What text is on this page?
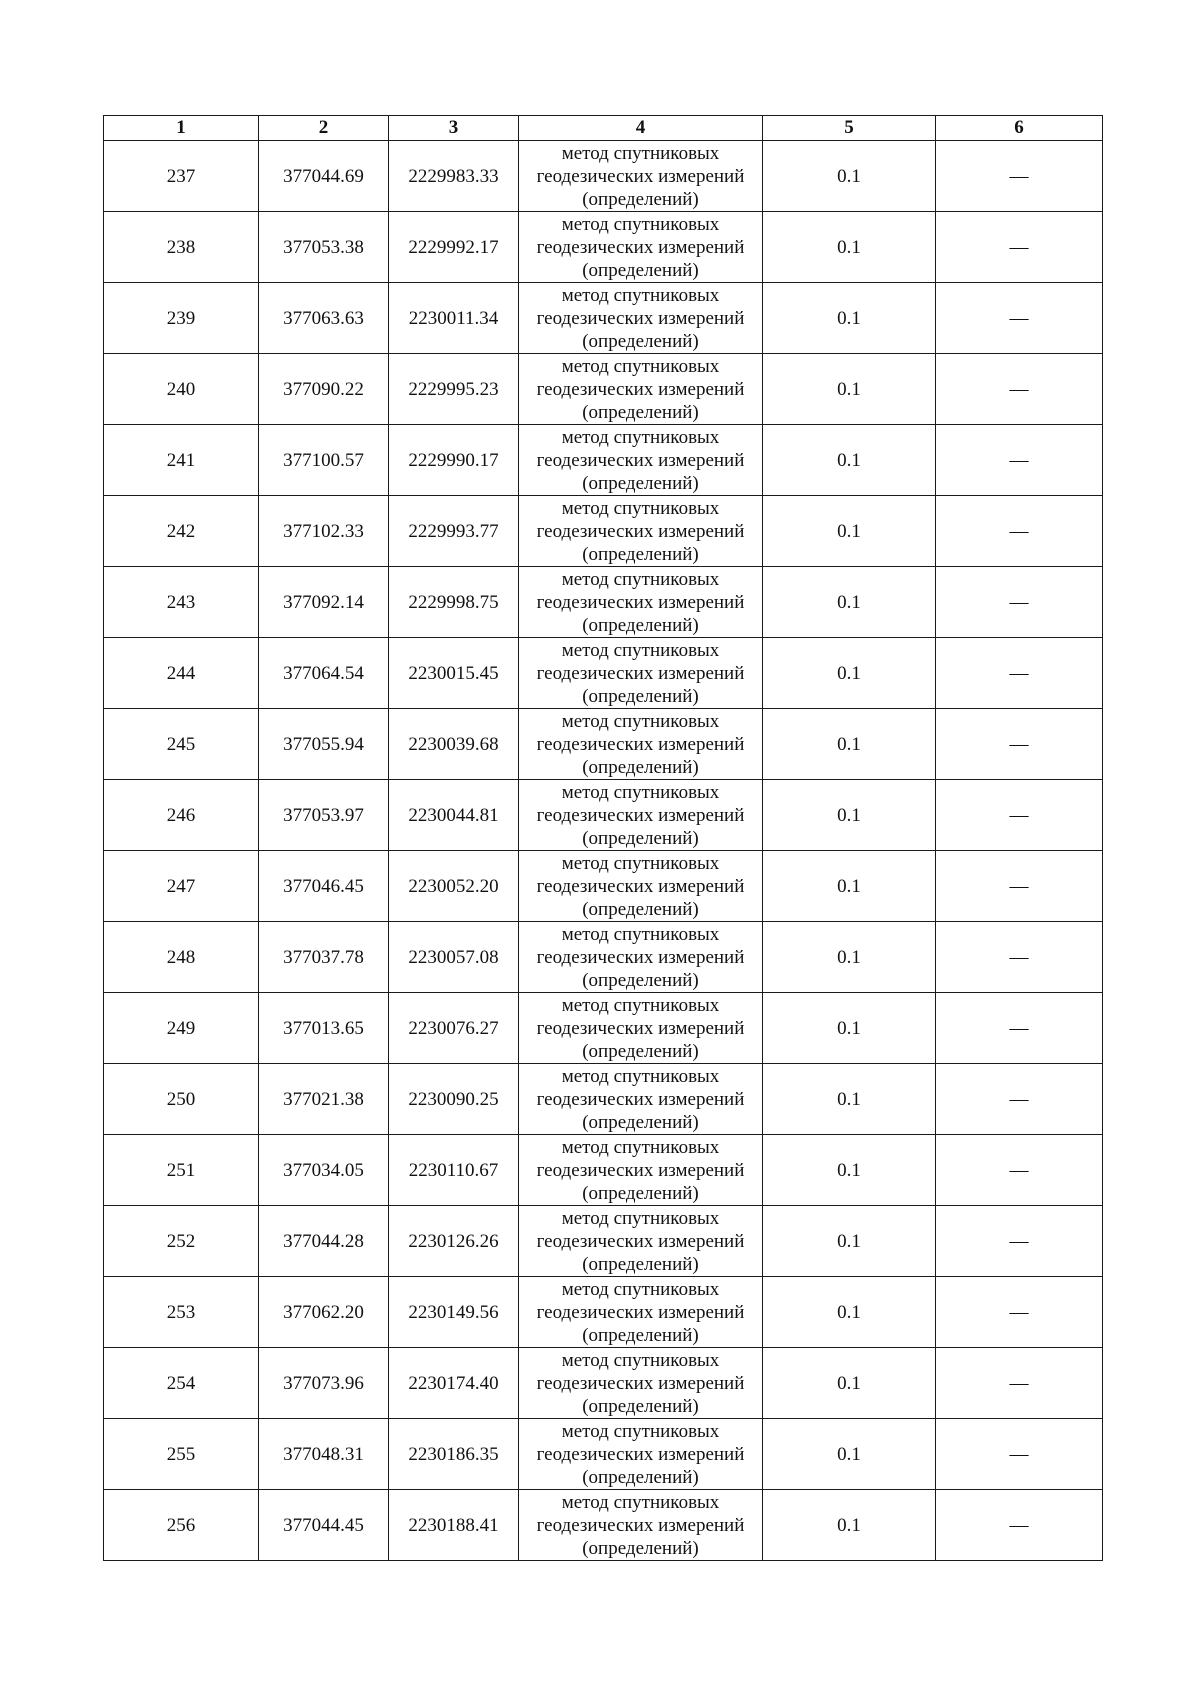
1	2	3	4	5	6
237	377044.69	2229983.33	метод спутниковых
геодезических измерений
(определений)	0.1	—
238	377053.38	2229992.17	метод спутниковых
геодезических измерений
(определений)	0.1	—
239	377063.63	2230011.34	метод спутниковых
геодезических измерений
(определений)	0.1	—
240	377090.22	2229995.23	метод спутниковых
геодезических измерений
(определений)	0.1	—
241	377100.57	2229990.17	метод спутниковых
геодезических измерений
(определений)	0.1	—
242	377102.33	2229993.77	метод спутниковых
геодезических измерений
(определений)	0.1	—
243	377092.14	2229998.75	метод спутниковых
геодезических измерений
(определений)	0.1	—
244	377064.54	2230015.45	метод спутниковых
геодезических измерений
(определений)	0.1	—
245	377055.94	2230039.68	метод спутниковых
геодезических измерений
(определений)	0.1	—
246	377053.97	2230044.81	метод спутниковых
геодезических измерений
(определений)	0.1	—
247	377046.45	2230052.20	метод спутниковых
геодезических измерений
(определений)	0.1	—
248	377037.78	2230057.08	метод спутниковых
геодезических измерений
(определений)	0.1	—
249	377013.65	2230076.27	метод спутниковых
геодезических измерений
(определений)	0.1	—
250	377021.38	2230090.25	метод спутниковых
геодезических измерений
(определений)	0.1	—
251	377034.05	2230110.67	метод спутниковых
геодезических измерений
(определений)	0.1	—
252	377044.28	2230126.26	метод спутниковых
геодезических измерений
(определений)	0.1	—
253	377062.20	2230149.56	метод спутниковых
геодезических измерений
(определений)	0.1	—
254	377073.96	2230174.40	метод спутниковых
геодезических измерений
(определений)	0.1	—
255	377048.31	2230186.35	метод спутниковых
геодезических измерений
(определений)	0.1	—
256	377044.45	2230188.41	метод спутниковых
геодезических измерений
(определений)	0.1	—
